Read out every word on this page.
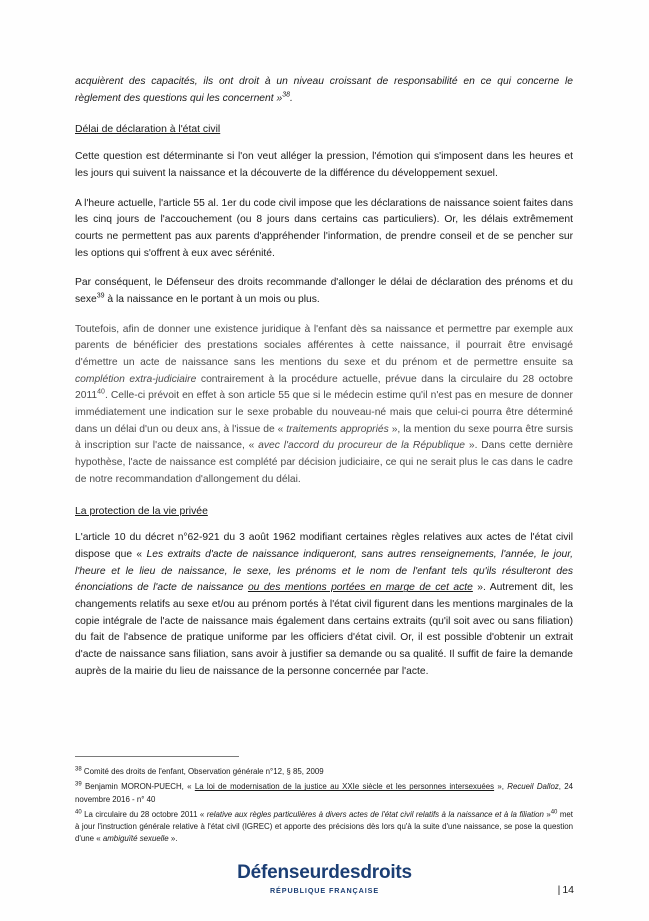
acquièrent des capacités, ils ont droit à un niveau croissant de responsabilité en ce qui concerne le règlement des questions qui les concernent »$^{38}$.

Délai de déclaration à l'état civil

Cette question est déterminante si l'on veut alléger la pression, l'émotion qui s'imposent dans les heures et les jours qui suivent la naissance et la découverte de la différence du développement sexuel.

A l'heure actuelle, l'article 55 al. 1er du code civil impose que les déclarations de naissance soient faites dans les cinq jours de l'accouchement (ou 8 jours dans certains cas particuliers). Or, les délais extrêmement courts ne permettent pas aux parents d'appréhender l'information, de prendre conseil et de se pencher sur les options qui s'offrent à eux avec sérénité.

Par conséquent, le Défenseur des droits recommande d'allonger le délai de déclaration des prénoms et du sexe$^{39}$ à la naissance en le portant à un mois ou plus.

Toutefois, afin de donner une existence juridique à l'enfant dès sa naissance et permettre par exemple aux parents de bénéficier des prestations sociales afférentes à cette naissance, il pourrait être envisagé d'émettre un acte de naissance sans les mentions du sexe et du prénom et de permettre ensuite sa complétion extra-judiciaire contrairement à la procédure actuelle, prévue dans la circulaire du 28 octobre 2011$^{40}$. Celle-ci prévoit en effet à son article 55 que si le médecin estime qu'il n'est pas en mesure de donner immédiatement une indication sur le sexe probable du nouveau-né mais que celui-ci pourra être déterminé dans un délai d'un ou deux ans, à l'issue de « traitements appropriés », la mention du sexe pourra être sursis à inscription sur l'acte de naissance, « avec l'accord du procureur de la République ». Dans cette dernière hypothèse, l'acte de naissance est complété par décision judiciaire, ce qui ne serait plus le cas dans le cadre de notre recommandation d'allongement du délai.

La protection de la vie privée

L'article 10 du décret n°62-921 du 3 août 1962 modifiant certaines règles relatives aux actes de l'état civil dispose que « Les extraits d'acte de naissance indiqueront, sans autres renseignements, l'année, le jour, l'heure et le lieu de naissance, le sexe, les prénoms et le nom de l'enfant tels qu'ils résulteront des énonciations de l'acte de naissance ou des mentions portées en marge de cet acte ». Autrement dit, les changements relatifs au sexe et/ou au prénom portés à l'état civil figurent dans les mentions marginales de la copie intégrale de l'acte de naissance mais également dans certains extraits (qu'il soit avec ou sans filiation) du fait de l'absence de pratique uniforme par les officiers d'état civil. Or, il est possible d'obtenir un extrait d'acte de naissance sans filiation, sans avoir à justifier sa demande ou sa qualité. Il suffit de faire la demande auprès de la mairie du lieu de naissance de la personne concernée par l'acte.

$^{38}$ Comité des droits de l'enfant, Observation générale n°12, § 85, 2009
$^{39}$ Benjamin MORON-PUECH, « La loi de modernisation de la justice au XXIe siècle et les personnes intersexuées », Recueil Dalloz, 24 novembre 2016 - n° 40
$^{40}$ La circulaire du 28 octobre 2011 « relative aux règles particulières à divers actes de l'état civil relatifs à la naissance et à la filiation »$^{40}$ met à jour l'instruction générale relative à l'état civil (IGREC) et apporte des précisions dès lors qu'à la suite d'une naissance, se pose la question d'une « ambiguïté sexuelle ».
Défenseurdesdroits
RÉPUBLIQUE FRANÇAISE	| 14
